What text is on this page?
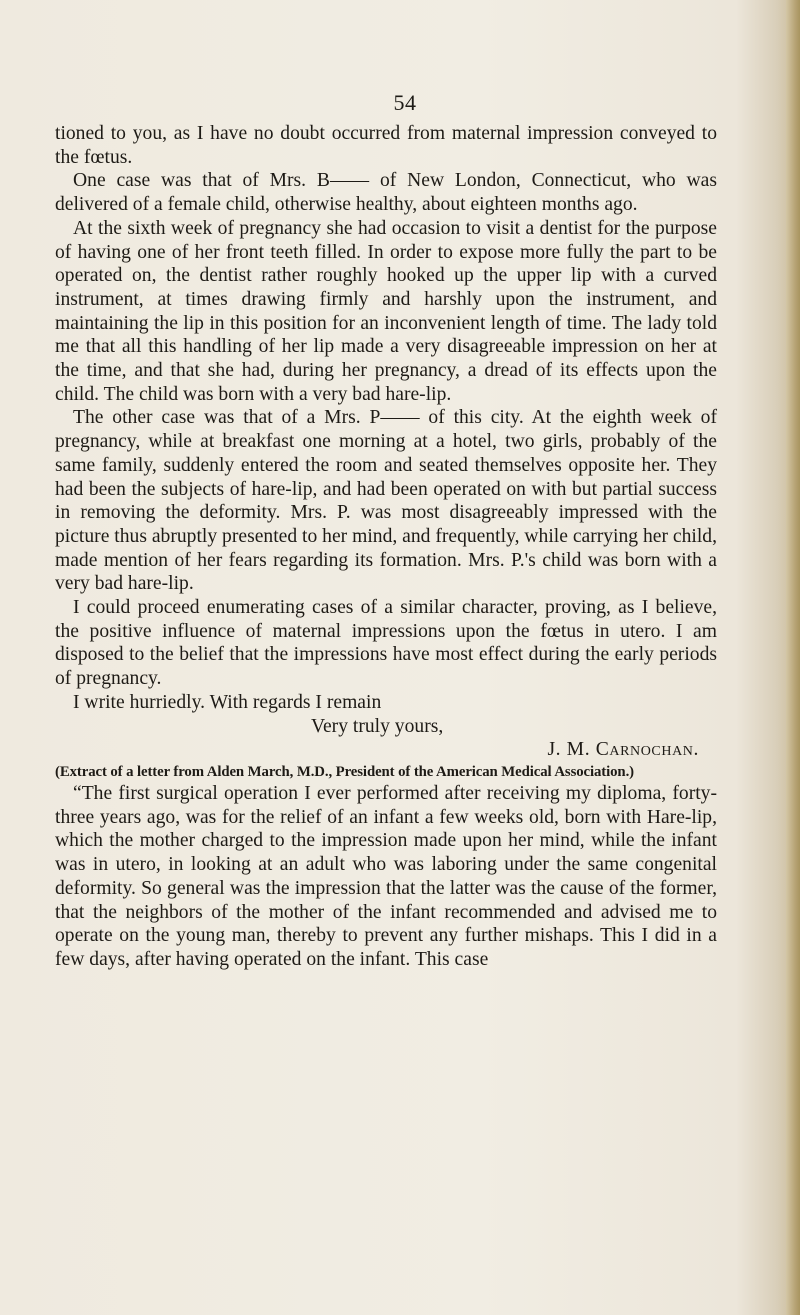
54

tioned to you, as I have no doubt occurred from maternal impression conveyed to the fœtus.

One case was that of Mrs. B—— of New London, Connecticut, who was delivered of a female child, otherwise healthy, about eighteen months ago.

At the sixth week of pregnancy she had occasion to visit a dentist for the purpose of having one of her front teeth filled. In order to expose more fully the part to be operated on, the dentist rather roughly hooked up the upper lip with a curved instrument, at times drawing firmly and harshly upon the instrument, and maintaining the lip in this position for an inconvenient length of time. The lady told me that all this handling of her lip made a very disagreeable impression on her at the time, and that she had, during her pregnancy, a dread of its effects upon the child. The child was born with a very bad hare-lip.

The other case was that of a Mrs. P—— of this city. At the eighth week of pregnancy, while at breakfast one morning at a hotel, two girls, probably of the same family, suddenly entered the room and seated themselves opposite her. They had been the subjects of hare-lip, and had been operated on with but partial success in removing the deformity. Mrs. P. was most disagreeably impressed with the picture thus abruptly presented to her mind, and frequently, while carrying her child, made mention of her fears regarding its formation. Mrs. P.'s child was born with a very bad hare-lip.

I could proceed enumerating cases of a similar character, proving, as I believe, the positive influence of maternal impressions upon the fœtus in utero. I am disposed to the belief that the impressions have most effect during the early periods of pregnancy.

I write hurriedly. With regards I remain

Very truly yours,

J. M. Carnochan.

(Extract of a letter from Alden March, M.D., President of the American Medical Association.)

“The first surgical operation I ever performed after receiving my diploma, forty-three years ago, was for the relief of an infant a few weeks old, born with Hare-lip, which the mother charged to the impression made upon her mind, while the infant was in utero, in looking at an adult who was laboring under the same congenital deformity. So general was the impression that the latter was the cause of the former, that the neighbors of the mother of the infant recommended and advised me to operate on the young man, thereby to prevent any further mishaps. This I did in a few days, after having operated on the infant. This case
